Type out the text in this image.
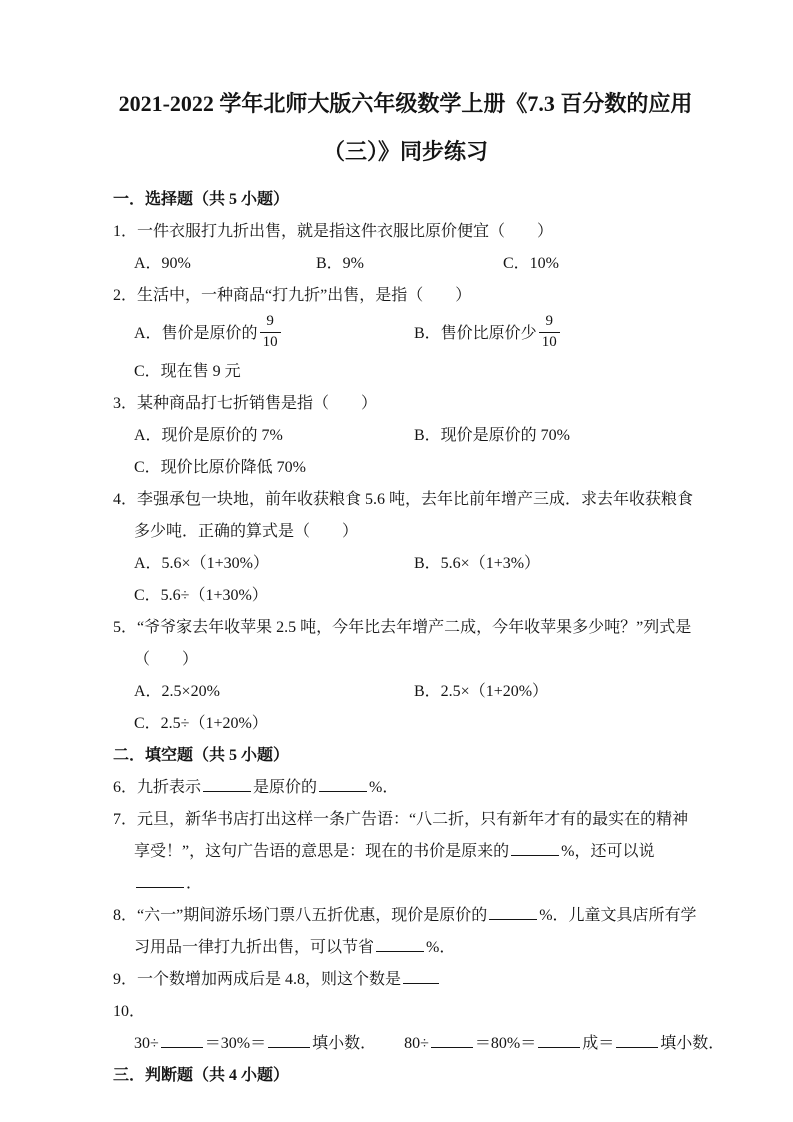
2021-2022 学年北师大版六年级数学上册《7.3 百分数的应用
（三）》同步练习
一．选择题（共 5 小题）
1．一件衣服打九折出售，就是指这件衣服比原价便宜（　　）
A．90%	B．9%	C．10%
2．生活中，一种商品“打九折”出售，是指（　　）
A．售价是原价的 $\frac{9}{10}$	B．售价比原价少 $\frac{9}{10}$
C．现在售 9 元
3．某种商品打七折销售是指（　　）
A．现价是原价的 7%	B．现价是原价的 70%
C．现价比原价降低 70%
4．李强承包一块地，前年收获粮食 5.6 吨，去年比前年增产三成．求去年收获粮食多少吨．正确的算式是（　　）
A．5.6×（1+30%）	B．5.6×（1+3%）
C．5.6÷（1+30%）
5．“爷爷家去年收苹果 2.5 吨，今年比去年增产二成，今年收苹果多少吨？”列式是（　　）
A．2.5×20%	B．2.5×（1+20%）
C．2.5÷（1+20%）
二．填空题（共 5 小题）
6．九折表示	是原价的	%．
7．元旦，新华书店打出这样一条广告语：“八二折，只有新年才有的最实在的精神享受！”，这句广告语的意思是：现在的书价是原来的	%，还可以说．
8．“六一”期间游乐场门票八五折优惠，现价是原价的	%．儿童文具店所有学习用品一律打九折出售，可以节省	%．
9．一个数增加两成后是 4.8，则这个数是
10．
30÷	＝30%＝	填小数． 80÷	＝80%＝	成＝	填小数．
三．判断题（共 4 小题）
